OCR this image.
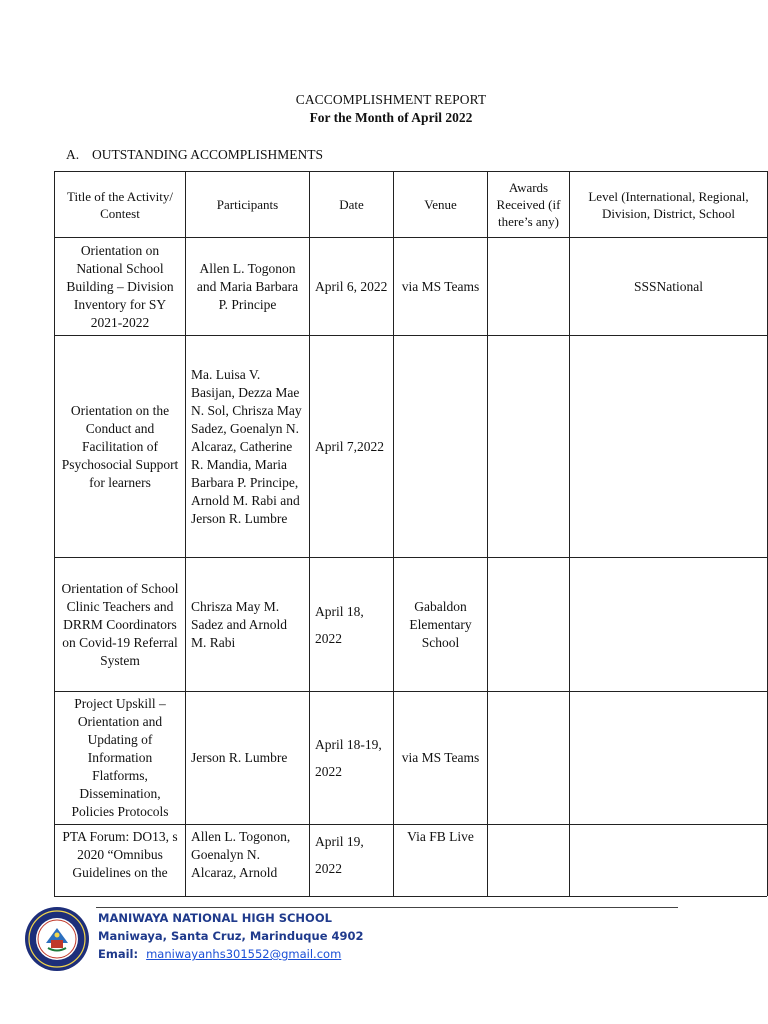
CACCOMPLISHMENT REPORT
For the Month of April 2022
A. OUTSTANDING ACCOMPLISHMENTS
Title of the Activity/ Contest	Participants	Date	Venue	Awards Received (if there’s any)	Level (International, Regional, Division, District, School
Orientation on National School Building – Division Inventory for SY 2021-2022	Allen L. Togonon and Maria Barbara P. Principe	April 6, 2022	via MS Teams		SSSNational
Orientation on the Conduct and Facilitation of Psychosocial Support for learners	Ma. Luisa V. Basijan, Dezza Mae N. Sol, Chrisza May Sadez, Goenalyn N. Alcaraz, Catherine R. Mandia, Maria Barbara P. Principe, Arnold M. Rabi and Jerson R. Lumbre	April 7,2022			
Orientation of School Clinic Teachers and DRRM Coordinators on Covid-19 Referral System	Chrisza May M. Sadez and Arnold M. Rabi	April 18, 2022	Gabaldon Elementary School		
Project Upskill – Orientation and Updating of Information Flatforms, Dissemination, Policies Protocols	Jerson R. Lumbre	April 18-19, 2022	via MS Teams		
PTA Forum: DO13, s 2020 “Omnibus Guidelines on the	Allen L. Togonon, Goenalyn N. Alcaraz, Arnold	April 19, 2022	Via FB Live		
MANIWAYA NATIONAL HIGH SCHOOL
Maniwaya, Santa Cruz, Marinduque 4902
Email: maniwayanhs301552@gmail.com
